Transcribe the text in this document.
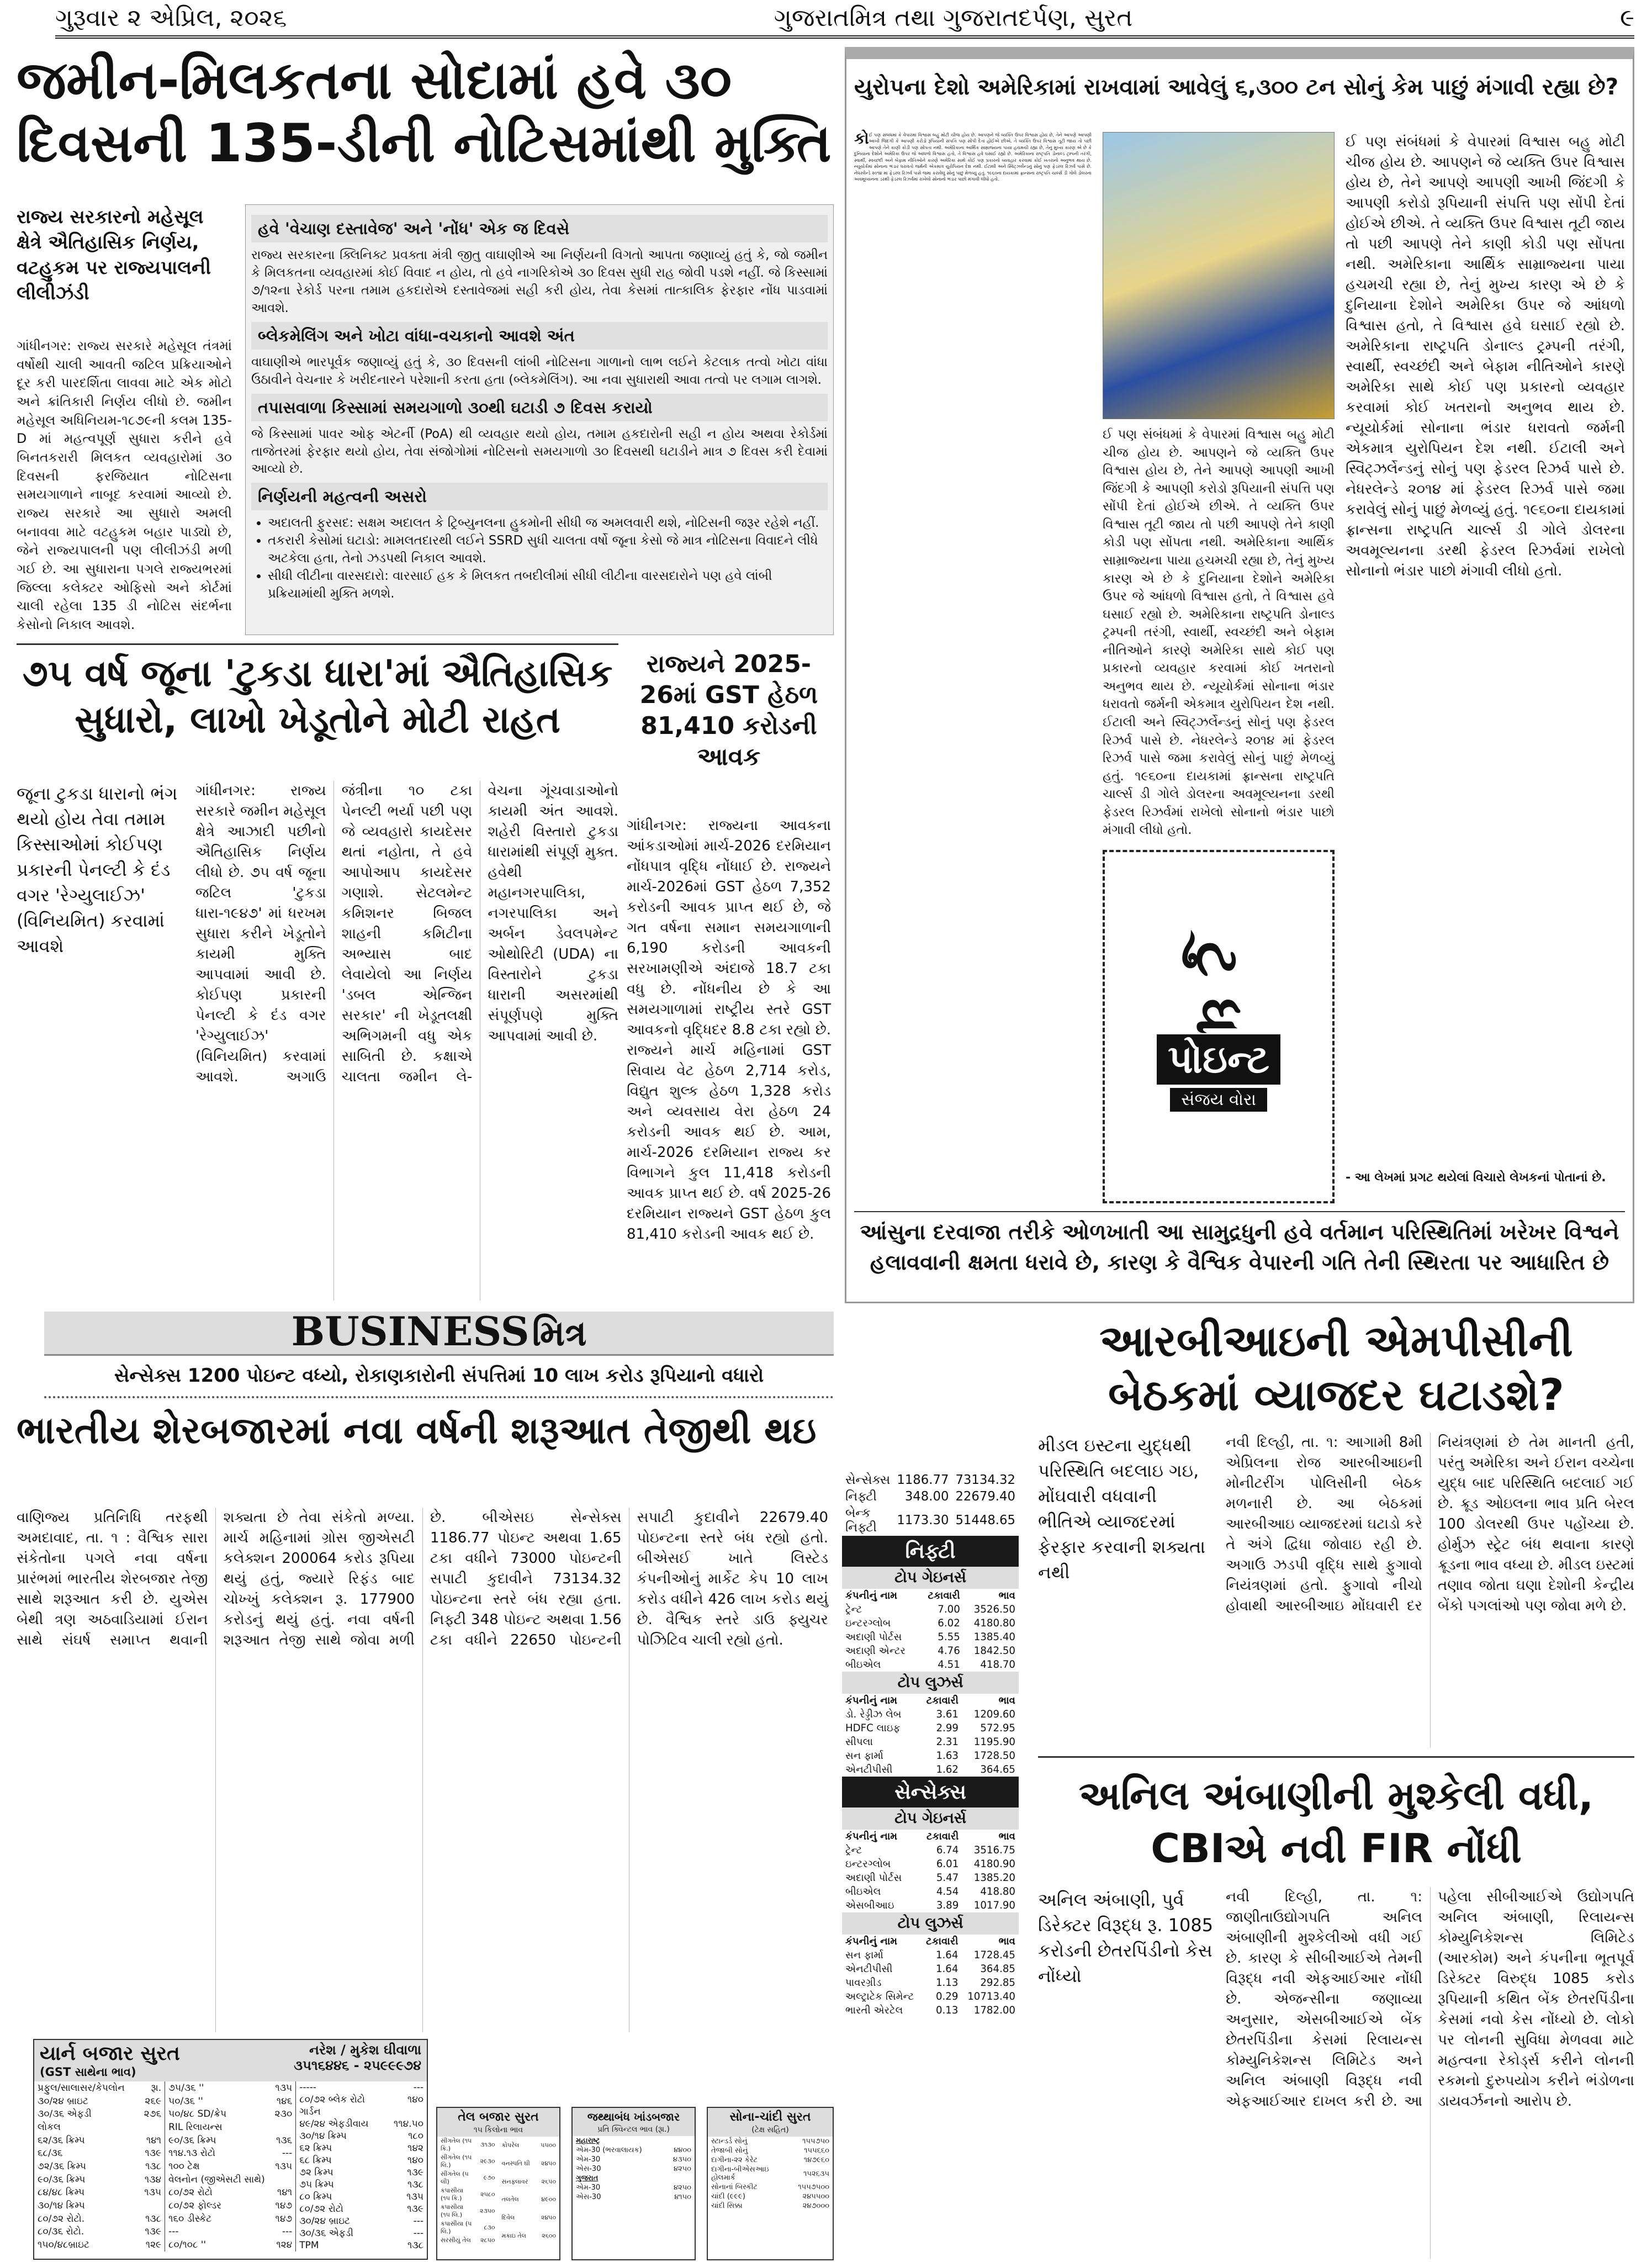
ગુરૂવાર ૨ એપ્રિલ, ૨૦૨૬	ગુજરાતમિત્ર તથા ગુજરાતદર્પણ, સુરત	૯
જમીન-મિલકતના સોદામાં હવે ૩૦
દિવસની 135-ડીની નોટિસમાંથી મુક્તિ
રાજ્ય સરકારનો મહેસૂલ ક્ષેત્રે ઐતિહાસિક નિર્ણય, વટહુકમ પર રાજ્યપાલની લીલીઝંડી
ગાંધીનગર: રાજ્ય સરકારે મહેસૂલ તંત્રમાં વર્ષોથી ચાલી આવતી જટિલ પ્રક્રિયાઓને દૂર કરી પારદર્શિતા લાવવા માટે એક મોટો અને ક્રાંતિકારી નિર્ણય લીધો છે. જમીન મહેસૂલ અધિનિયમ-૧૮૭૯ની કલમ 135-D માં મહત્વપૂર્ણ સુધારા કરીને હવે બિનતકરારી મિલકત વ્યવહારોમાં ૩૦ દિવસની ફરજિયાત નોટિસના સમયગાળાને નાબૂદ કરવામાં આવ્યો છે. રાજ્ય સરકારે આ સુધારો અમલી બનાવવા માટે વટહુકમ બહાર પાડ્યો છે, જેને રાજ્યપાલની પણ લીલીઝંડી મળી ગઈ છે. આ સુધારાના પગલે રાજ્યભરમાં જિલ્લા કલેક્ટર ઓફિસો અને કોર્ટમાં ચાલી રહેલા 135 ડી નોટિસ સંદર્ભના કેસોનો નિકાલ આવશે.
હવે 'વેચાણ દસ્તાવેજ' અને 'નોંધ' એક જ દિવસે
રાજ્ય સરકારના ક્લિનિક્ટ પ્રવક્તા મંત્રી જીતુ વાઘાણીએ આ નિર્ણયની વિગતો આપતા જણાવ્યું હતું કે, જો જમીન કે મિલકતના વ્યવહારમાં કોઈ વિવાદ ન હોય, તો હવે નાગરિકોએ ૩૦ દિવસ સુધી રાહ જોવી પડશે નહીં. જે કિસ્સામાં ૭/૧૨ના રેકોર્ડ પરના તમામ હકદારોએ દસ્તાવેજમાં સહી કરી હોય, તેવા કેસમાં તાત્કાલિક ફેરફાર નોંધ પાડવામાં આવશે.
બ્લેકમેલિંગ અને ખોટા વાંધા-વચકાનો આવશે અંત
વાઘાણીએ ભારપૂર્વક જણાવ્યું હતું કે, ૩૦ દિવસની લાંબી નોટિસના ગાળાનો લાભ લઈને કેટલાક તત્વો ખોટા વાંધા ઉઠાવીને વેચનાર કે ખરીદનારને પરેશાની કરતા હતા (બ્લેકમેલિંગ). આ નવા સુધારાથી આવા તત્વો પર લગામ લાગશે.
તપાસવાળા કિસ્સામાં સમયગાળો ૩૦થી ઘટાડી ૭ દિવસ કરાયો
જે કિસ્સામાં પાવર ઓફ એટર્ની (PoA) થી વ્યવહાર થયો હોય, તમામ હકદારોની સહી ન હોય અથવા રેકોર્ડમાં તાજેતરમાં ફેરફાર થયો હોય, તેવા સંજોગોમાં નોટિસનો સમયગાળો ૩૦ દિવસથી ઘટાડીને માત્ર ૭ દિવસ કરી દેવામાં આવ્યો છે.
નિર્ણયની મહત્વની અસરો
• અદાલતી ફુરસદ: સક્ષમ અદાલત કે ટ્રિબ્યુનલના હુકમોની સીધી જ અમલવારી થશે, નોટિસની જરૂર રહેશે નહીં.
• તકરારી કેસોમાં ઘટાડો: મામલતદારથી લઈને SSRD સુધી ચાલતા વર્ષો જૂના કેસો જે માત્ર નોટિસના વિવાદને લીધે અટકેલા હતા, તેનો ઝડપથી નિકાલ આવશે.
• સીધી લીટીના વારસદારો: વારસાઈ હક કે મિલકત તબદીલીમાં સીધી લીટીના વારસદારોને પણ હવે લાંબી પ્રક્રિયામાંથી મુક્તિ મળશે.
૭૫ વર્ષ જૂના 'ટુકડા ધારા'માં ઐતિહાસિક
સુધારો, લાખો ખેડૂતોને મોટી રાહત
જૂના ટુકડા ધારાનો ભંગ થયો હોય તેવા તમામ કિસ્સાઓમાં કોઈપણ પ્રકારની પેનલ્ટી કે દંડ વગર 'રેગ્યુલાઈઝ' (વિનિયમિત) કરવામાં આવશે
ગાંધીનગર: રાજ્ય સરકારે જમીન મહેસૂલ ક્ષેત્રે આઝાદી પછીનો ઐતિહાસિક નિર્ણય લીધો છે. ૭૫ વર્ષ જૂના જટિલ 'ટુકડા ધારા-૧૯૪૭' માં ધરખમ સુધારા કરીને ખેડૂતોને કાયમી મુક્તિ આપવામાં આવી છે. કોઈપણ પ્રકારની પેનલ્ટી કે દંડ વગર 'રેગ્યુલાઈઝ' (વિનિયમિત) કરવામાં આવશે. અગાઉ જંત્રીના ૧૦ ટકા પેનલ્ટી ભર્યા પછી પણ જે વ્યવહારો કાયદેસર થતાં નહોતા, તે હવે આપોઆપ કાયદેસર ગણાશે. સેટલમેન્ટ કમિશનર બિજલ શાહની કમિટીના અભ્યાસ બાદ લેવાયેલો આ નિર્ણય 'ડબલ એન્જિન સરકાર' ની ખેડૂતલક્ષી અભિગમની વધુ એક સાબિતી છે. કક્ષાએ ચાલતા જમીન લે-વેચના ગૂંચવાડાઓનો કાયમી અંત આવશે. શહેરી વિસ્તારો ટુકડા ધારામાંથી સંપૂર્ણ મુક્ત. હવેથી મહાનગરપાલિકા, નગરપાલિકા અને અર્બન ડેવલપમેન્ટ ઓથોરિટી (UDA) ના વિસ્તારોને ટુકડા ધારાની અસરમાંથી સંપૂર્ણપણે મુક્તિ આપવામાં આવી છે.
રાજ્યને 2025-26માં GST હેઠળ 81,410 કરોડની આવક
ગાંધીનગર: રાજ્યના આવકના આંકડાઓમાં માર્ચ-2026 દરમિયાન નોંધપાત્ર વૃદ્ધિ નોંધાઈ છે. રાજ્યને માર્ચ-2026માં GST હેઠળ 7,352 કરોડની આવક પ્રાપ્ત થઈ છે, જે ગત વર્ષના સમાન સમયગાળાની 6,190 કરોડની આવકની સરખામણીએ અંદાજે 18.7 ટકા વધુ છે. નોંધનીય છે કે આ સમયગાળામાં રાષ્ટ્રીય સ્તરે GST આવકનો વૃદ્ધિદર 8.8 ટકા રહ્યો છે. રાજ્યને માર્ચ મહિનામાં GST સિવાય વેટ હેઠળ 2,714 કરોડ, વિદ્યુત શુલ્ક હેઠળ 1,328 કરોડ અને વ્યવસાય વેરા હેઠળ 24 કરોડની આવક થઈ છે. આમ, માર્ચ-2026 દરમિયાન રાજ્ય કર વિભાગને કુલ 11,418 કરોડની આવક પ્રાપ્ત થઈ છે. વર્ષ 2025-26 દરમિયાન રાજ્યને GST હેઠળ કુલ 81,410 કરોડની આવક થઈ છે.
યુરોપના દેશો અમેરિકામાં રાખવામાં આવેલું ૬,૩૦૦ ટન સોનું કેમ પાછું મંગાવી રહ્યા છે?
કોઈ પણ સંબંધમાં કે વેપારમાં વિશ્વાસ બહુ મોટી ચીજ હોય છે. આપણને જે વ્યક્તિ ઉપર વિશ્વાસ હોય છે, તેને આપણે આપણી આખી જિંદગી કે આપણી કરોડો રૂપિયાની સંપત્તિ પણ સોંપી દેતાં હોઈએ છીએ. તે વ્યક્તિ ઉપર વિશ્વાસ તૂટી જાય તો પછી આપણે તેને કાણી કોડી પણ સોંપતા નથી. અમેરિકાના આર્થિક સામ્રાજ્યના પાયા હચમચી રહ્યા છે, તેનું મુખ્ય કારણ એ છે કે દુનિયાના દેશોને અમેરિકા ઉપર જે આંધળો વિશ્વાસ હતો, તે વિશ્વાસ હવે ઘસાઈ રહ્યો છે. અમેરિકાના રાષ્ટ્રપતિ ડોનાલ્ડ ટ્રમ્પની તરંગી, સ્વાર્થી, સ્વચ્છંદી અને બેફામ નીતિઓને કારણે અમેરિકા સાથે કોઈ પણ પ્રકારનો વ્યવહાર કરવામાં કોઈ ખતરાનો અનુભવ થાય છે. ન્યૂયોર્કમાં સોનાના ભંડાર ધરાવતો જર્મની એકમાત્ર યુરોપિયન દેશ નથી. ઈટાલી અને સ્વિટ્ઝર્લેન્ડનું સોનું પણ ફેડરલ રિઝર્વ પાસે છે. નેધરલેન્ડે ૨૦૧૪ માં ફેડરલ રિઝર્વ પાસે જમા કરાવેલું સોનું પાછું મેળવ્યું હતું. ૧૯૬૦ના દાયકામાં ફ્રાન્સના રાષ્ટ્રપતિ ચાર્લ્સ ડી ગોલે ડોલરના અવમૂલ્યનના ડરથી ફેડરલ રિઝર્વમાં રાખેલો સોનાનો ભંડાર પાછો મંગાવી લીધો હતો.
ઈ પણ સંબંધમાં કે વેપારમાં વિશ્વાસ બહુ મોટી ચીજ હોય છે. આપણને જે વ્યક્તિ ઉપર વિશ્વાસ હોય છે, તેને આપણે આપણી આખી જિંદગી કે આપણી કરોડો રૂપિયાની સંપત્તિ પણ સોંપી દેતાં હોઈએ છીએ. તે વ્યક્તિ ઉપર વિશ્વાસ તૂટી જાય તો પછી આપણે તેને કાણી કોડી પણ સોંપતા નથી. અમેરિકાના આર્થિક સામ્રાજ્યના પાયા હચમચી રહ્યા છે, તેનું મુખ્ય કારણ એ છે કે દુનિયાના દેશોને અમેરિકા ઉપર જે આંધળો વિશ્વાસ હતો, તે વિશ્વાસ હવે ઘસાઈ રહ્યો છે. અમેરિકાના રાષ્ટ્રપતિ ડોનાલ્ડ ટ્રમ્પની તરંગી, સ્વાર્થી, સ્વચ્છંદી અને બેફામ નીતિઓને કારણે અમેરિકા સાથે કોઈ પણ પ્રકારનો વ્યવહાર કરવામાં કોઈ ખતરાનો અનુભવ થાય છે. ન્યૂયોર્કમાં સોનાના ભંડાર ધરાવતો જર્મની એકમાત્ર યુરોપિયન દેશ નથી. ઈટાલી અને સ્વિટ્ઝર્લેન્ડનું સોનું પણ ફેડરલ રિઝર્વ પાસે છે. નેધરલેન્ડે ૨૦૧૪ માં ફેડરલ રિઝર્વ પાસે જમા કરાવેલું સોનું પાછું મેળવ્યું હતું. ૧૯૬૦ના દાયકામાં ફ્રાન્સના રાષ્ટ્રપતિ ચાર્લ્સ ડી ગોલે ડોલરના અવમૂલ્યનના ડરથી ફેડરલ રિઝર્વમાં રાખેલો સોનાનો ભંડાર પાછો મંગાવી લીધો હતો.
ટુ ધ
પોઇન્ટ
સંજય વોરા
ઈ પણ સંબંધમાં કે વેપારમાં વિશ્વાસ બહુ મોટી ચીજ હોય છે. આપણને જે વ્યક્તિ ઉપર વિશ્વાસ હોય છે, તેને આપણે આપણી આખી જિંદગી કે આપણી કરોડો રૂપિયાની સંપત્તિ પણ સોંપી દેતાં હોઈએ છીએ. તે વ્યક્તિ ઉપર વિશ્વાસ તૂટી જાય તો પછી આપણે તેને કાણી કોડી પણ સોંપતા નથી. અમેરિકાના આર્થિક સામ્રાજ્યના પાયા હચમચી રહ્યા છે, તેનું મુખ્ય કારણ એ છે કે દુનિયાના દેશોને અમેરિકા ઉપર જે આંધળો વિશ્વાસ હતો, તે વિશ્વાસ હવે ઘસાઈ રહ્યો છે. અમેરિકાના રાષ્ટ્રપતિ ડોનાલ્ડ ટ્રમ્પની તરંગી, સ્વાર્થી, સ્વચ્છંદી અને બેફામ નીતિઓને કારણે અમેરિકા સાથે કોઈ પણ પ્રકારનો વ્યવહાર કરવામાં કોઈ ખતરાનો અનુભવ થાય છે. ન્યૂયોર્કમાં સોનાના ભંડાર ધરાવતો જર્મની એકમાત્ર યુરોપિયન દેશ નથી. ઈટાલી અને સ્વિટ્ઝર્લેન્ડનું સોનું પણ ફેડરલ રિઝર્વ પાસે છે. નેધરલેન્ડે ૨૦૧૪ માં ફેડરલ રિઝર્વ પાસે જમા કરાવેલું સોનું પાછું મેળવ્યું હતું. ૧૯૬૦ના દાયકામાં ફ્રાન્સના રાષ્ટ્રપતિ ચાર્લ્સ ડી ગોલે ડોલરના અવમૂલ્યનના ડરથી ફેડરલ રિઝર્વમાં રાખેલો સોનાનો ભંડાર પાછો મંગાવી લીધો હતો.
- આ લેખમાં પ્રગટ થયેલાં વિચારો લેખકનાં પોતાનાં છે.
આંસુના દરવાજા તરીકે ઓળખાતી આ સામુદ્રધુની હવે વર્તમાન પરિસ્થિતિમાં ખરેખર વિશ્વને હલાવવાની ક્ષમતા ધરાવે છે, કારણ કે વૈશ્વિક વેપારની ગતિ તેની સ્થિરતા પર આધારિત છે
BUSINESS મિત્ર
સેન્સેક્સ 1200 પોઇન્ટ વધ્યો, રોકાણકારોની સંપત્તિમાં 10 લાખ કરોડ રૂપિયાનો વધારો
ભારતીય શેરબજારમાં નવા વર્ષની શરૂઆત તેજીથી થઇ
વાણિજ્ય પ્રતિનિધિ તરફથી અમદાવાદ, તા. ૧ : વૈશ્વિક સારા સંકેતોના પગલે નવા વર્ષના પ્રારંભમાં ભારતીય શેરબજાર તેજી સાથે શરૂઆત કરી છે. યુએસ બેથી ત્રણ અઠવાડિયામાં ઈરાન સાથે સંઘર્ષ સમાપ્ત થવાની શક્યતા છે તેવા સંકેતો મળ્યા. માર્ચ મહિનામાં ગ્રોસ જીએસટી કલેક્શન 200064 કરોડ રૂપિયા થયું હતું, જ્યારે રિફંડ બાદ ચોખ્ખું કલેક્શન રૂ. 177900 કરોડનું થયું હતું. નવા વર્ષની શરૂઆત તેજી સાથે જોવા મળી છે. બીએસઇ સેન્સેક્સ 1186.77 પોઇન્ટ અથવા 1.65 ટકા વધીને 73000 પોઇન્ટની સપાટી કુદાવીને 73134.32 પોઇન્ટના સ્તરે બંધ રહ્યા હતા. નિફ્ટી 348 પોઇન્ટ અથવા 1.56 ટકા વધીને 22650 પોઇન્ટની સપાટી કુદાવીને 22679.40 પોઇન્ટના સ્તરે બંધ રહ્યો હતો. બીએસઈ ખાતે લિસ્ટેડ કંપનીઓનું માર્કેટ કેપ 10 લાખ કરોડ વધીને 426 લાખ કરોડ થયું છે. વૈશ્વિક સ્તરે ડાઉ ફ્યુચર પોઝિટિવ ચાલી રહ્યો હતો.
સેન્સેક્સ	1186.77	73134.32
નિફ્ટી	348.00	22679.40
બેન્ક નિફ્ટી	1173.30	51448.65
નિફ્ટી
ટોપ ગેઇનર્સ
કંપનીનું નામ	ટકાવારી	ભાવ
ટ્રેન્ટ	7.00	3526.50
ઇન્ટરગ્લોબ	6.02	4180.80
અદાણી પોર્ટસ	5.55	1385.40
અદાણી એન્ટર	4.76	1842.50
બીઇએલ	4.51	418.70
ટોપ લુઝર્સ
કંપનીનું નામ	ટકાવારી	ભાવ
ડો. રેડ્ડીઝ લેબ	3.61	1209.60
HDFC લાઇફ	2.99	572.95
સીપલા	2.31	1195.90
સન ફાર્મા	1.63	1728.50
એનટીપીસી	1.62	364.65
સેન્સેક્સ
ટોપ ગેઇનર્સ
કંપનીનું નામ	ટકાવારી	ભાવ
ટ્રેન્ટ	6.74	3516.75
ઇન્ટરગ્લોબ	6.01	4180.90
અદાણી પોર્ટસ	5.47	1385.20
બીઇએલ	4.54	418.80
એસબીઆઇ	3.89	1017.90
ટોપ લુઝર્સ
કંપનીનું નામ	ટકાવારી	ભાવ
સન ફાર્મા	1.64	1728.45
એનટીપીસી	1.64	364.85
પાવરગ્રીડ	1.13	292.85
અલ્ટ્રાટેક સિમેન્ટ	0.29	10713.40
ભારતી એરટેલ	0.13	1782.00
આરબીઆઇની એમપીસીની
બેઠકમાં વ્યાજદર ઘટાડશે?
મીડલ ઇસ્ટના યુદ્ધથી પરિસ્થિતિ બદલાઇ ગઇ, મોંઘવારી વધવાની ભીતિએ વ્યાજદરમાં ફેરફાર કરવાની શક્યતા નથી
નવી દિલ્હી, તા. ૧: આગામી 8મી એપ્રિલના રોજ આરબીઆઇની મોનીટરીંગ પોલિસીની બેઠક મળનારી છે. આ બેઠકમાં આરબીઆઇ વ્યાજદરમાં ઘટાડો કરે તે અંગે દ્વિધા જોવાઇ રહી છે. અગાઉ ઝડપી વૃદ્ધિ સાથે ફુગાવો નિયંત્રણમાં હતો. ફુગાવો નીચો હોવાથી આરબીઆઇ મોંઘવારી દર નિયંત્રણમાં છે તેમ માનતી હતી, પરંતુ અમેરિકા અને ઈરાન વચ્ચેના યુદ્ધ બાદ પરિસ્થિતિ બદલાઈ ગઈ છે. ક્રૂડ ઓઇલના ભાવ પ્રતિ બેરલ 100 ડોલરથી ઉપર પહોંચ્યા છે. હોર્મુઝ સ્ટ્રેટ બંધ થવાના કારણે ક્રૂડના ભાવ વધ્યા છે. મીડલ ઇસ્ટમાં તણાવ જોતા ઘણા દેશોની કેન્દ્રીય બેંકો પગલાંઓ પણ જોવા મળે છે.
અનિલ અંબાણીની મુશ્કેલી વધી,
CBIએ નવી FIR નોંધી
અનિલ અંબાણી, પુર્વ ડિરેક્ટર વિરૂદ્ધ રૂ. 1085 કરોડની છેતરપિંડીનો કેસ નોંધ્યો
નવી દિલ્હી, તા. ૧: જાણીતાઉદ્યોગપતિ અનિલ અંબાણીની મુશ્કેલીઓ વધી ગઈ છે. કારણ કે સીબીઆઈએ તેમની વિરૂદ્ધ નવી એફઆઈઆર નોંધી છે. એજન્સીના જણાવ્યા અનુસાર, એસબીઆઈએ બેંક છેતરપિંડીના કેસમાં રિલાયન્સ કોમ્યુનિકેશન્સ લિમિટેડ અને અનિલ અંબાણી વિરૂદ્ધ નવી એફઆઈઆર દાખલ કરી છે. આ પહેલા સીબીઆઈએ ઉદ્યોગપતિ અનિલ અંબાણી, રિલાયન્સ કોમ્યુનિકેશન્સ લિમિટેડ (આરકોમ) અને કંપનીના ભૂતપૂર્વ ડિરેક્ટર વિરુદ્ધ 1085 કરોડ રૂપિયાની કથિત બેંક છેતરપિંડીના કેસમાં નવો કેસ નોંધ્યો છે. લોકો પર લોનની સુવિધા મેળવવા માટે મહત્વના રેકોર્ડ્સ કરીને લોનની રકમનો દુરુપયોગ કરીને ભંડોળના ડાયવર્ઝનનો આરોપ છે.
યાર્ન બજાર સુરત
(GST સાથેના ભાવ)
નરેશ / મુકેશ ઘીવાળા
૩૫૧૬૪૪૬ - ૨૫૯૯૯૭૪
પ્રફુલ/સાલાસર/કેપલોન	રૂા.
૩૦/૨૪ બ્રાઇટ	૨૬૯
૩૦/૩૬ એફડી	૨૭૬
લોકલ	
૬૨/૩૬ ક્રિમ્પ	૧૪૧
૬૮/૩૬	૧૩૯
૭૨/૩૬ ક્રિમ્પ	૧૩૮
૯૦/૩૬ ક્રિમ્પ	૧૩૪
૮૪/૪૮ ક્રિમ્પ	૧૩૫
૩૦/૧૪ ક્રિમ્પ	
૮૦/૭૨ રોટો.	૧૩૮
૮૦/૩૬ રોટો.	૧૩૯
૧૫૦/૪૮બ્રાઇટ	૧૨૯
૭૫/૩૬ ''	૧૩૫
૫૦/૩૬ ''	૧૪૬
૫૦/૪૮ SD/ક્રેપ	૨૩૦
RIL રિલાયન્સ	
૯૦/૩૬ ક્રિમ્પ	૧૩૬
૧૧૪.૧૩ રોટો	---
૧૦૦ ટેક્ષ	૧૩૫
વેલનોન (જીએસટી સાથે)	
૮૦/૭૨ રોટો	૧૪૧
૮૦/૭૨ ફોલ્ડર	૧૪૭
૧૬૦ ડીસ્કેટ	૧૪૭
---	---
૮૦/૧૦૮ ''	૧૨૪
-----	---
૮૦/૭૨ બ્લેક રોટો	૧૪૦
ગાર્ડન	
૪૯/૨૪ એફડીવાય	૧૧૪.૫૦
૩૦/૧૪ ક્રિમ્પ	૧૮૦
૬૨ ક્રિમ્પ	૧૪૨
૬૮ ક્રિમ્પ	૧૪૦
૭૨ ક્રિમ્પ	૧૩૯
૭૫ ક્રિમ્પ	૧૩૮
૮૦ ક્રિમ્પ	૧૩૫
૮૦/૭૨ રોટો	૧૩૯
૩૦/૨૪ બ્રાઇટ	---
૩૦/૩૬ એફડી	---
TPM	૧૩૮
તેલ બજાર સુરત
૧૫ કિલોના ભાવ
સીંગતેલ (૧૫ કિ.)	૩૧૩૦
સીંગતેલ (૧૫ લિ.)	૨૯૩૦
સીંગતેલ (૫ લી)	૯૭૦
કપાસીયા (૧૫ કિ.)	૨૫૮૦
કપાસીયા (૧૫ લિ.)	૨૩૫૦
કપાસીયા (૫ લિ.)	૮૩૦
સરસીયું તેલ	૨૮૫૦
કોપરેલ	૫૫૦૦
વનસ્પતિ ઘી	૨૪૫૦
સનફ્લાવર	૨૬૫૦
તલતેલ	૪૯૦૦
દિવેલ	૨૪૫૦
મકાઇ તેલ	૨૬૦૦
જથ્થાબંધ ખાંડબજાર
પ્રતિ ક્વિન્ટલ ભાવ (રૂા.)
મહારાષ્ટ્ર	
એમ-30 (ભરવાલાયક)	૪૪૦૦
એમ-30	૪૩૫૦
એસ-30	૪૨૫૦
ગુજરાત	
એમ-30	૪૨૫૦
એસ-30	૪૧૫૦
સોના-ચાંદી સુરત
(ટેક્ષ સહિત)
સ્ટાન્ડર્ડ સોનું	૧૫૫૭૫૦
તેજાબી સોનું	૧૫૫૬૬૦
દાગીના-૨૨ કેરેટ	૧૪૭૯૬૦
દાગીના-બીએસઆઇ હોલમાર્ક	૧૫૨૬૩૫
સોનાનાં બિસ્કીટ	૧૫૫૭૫૦૦
ચાંદી (૯૯૯)	૨૪૫૫૦૦
ચાંદી સિક્કા	૨૪૭૦૦૦
